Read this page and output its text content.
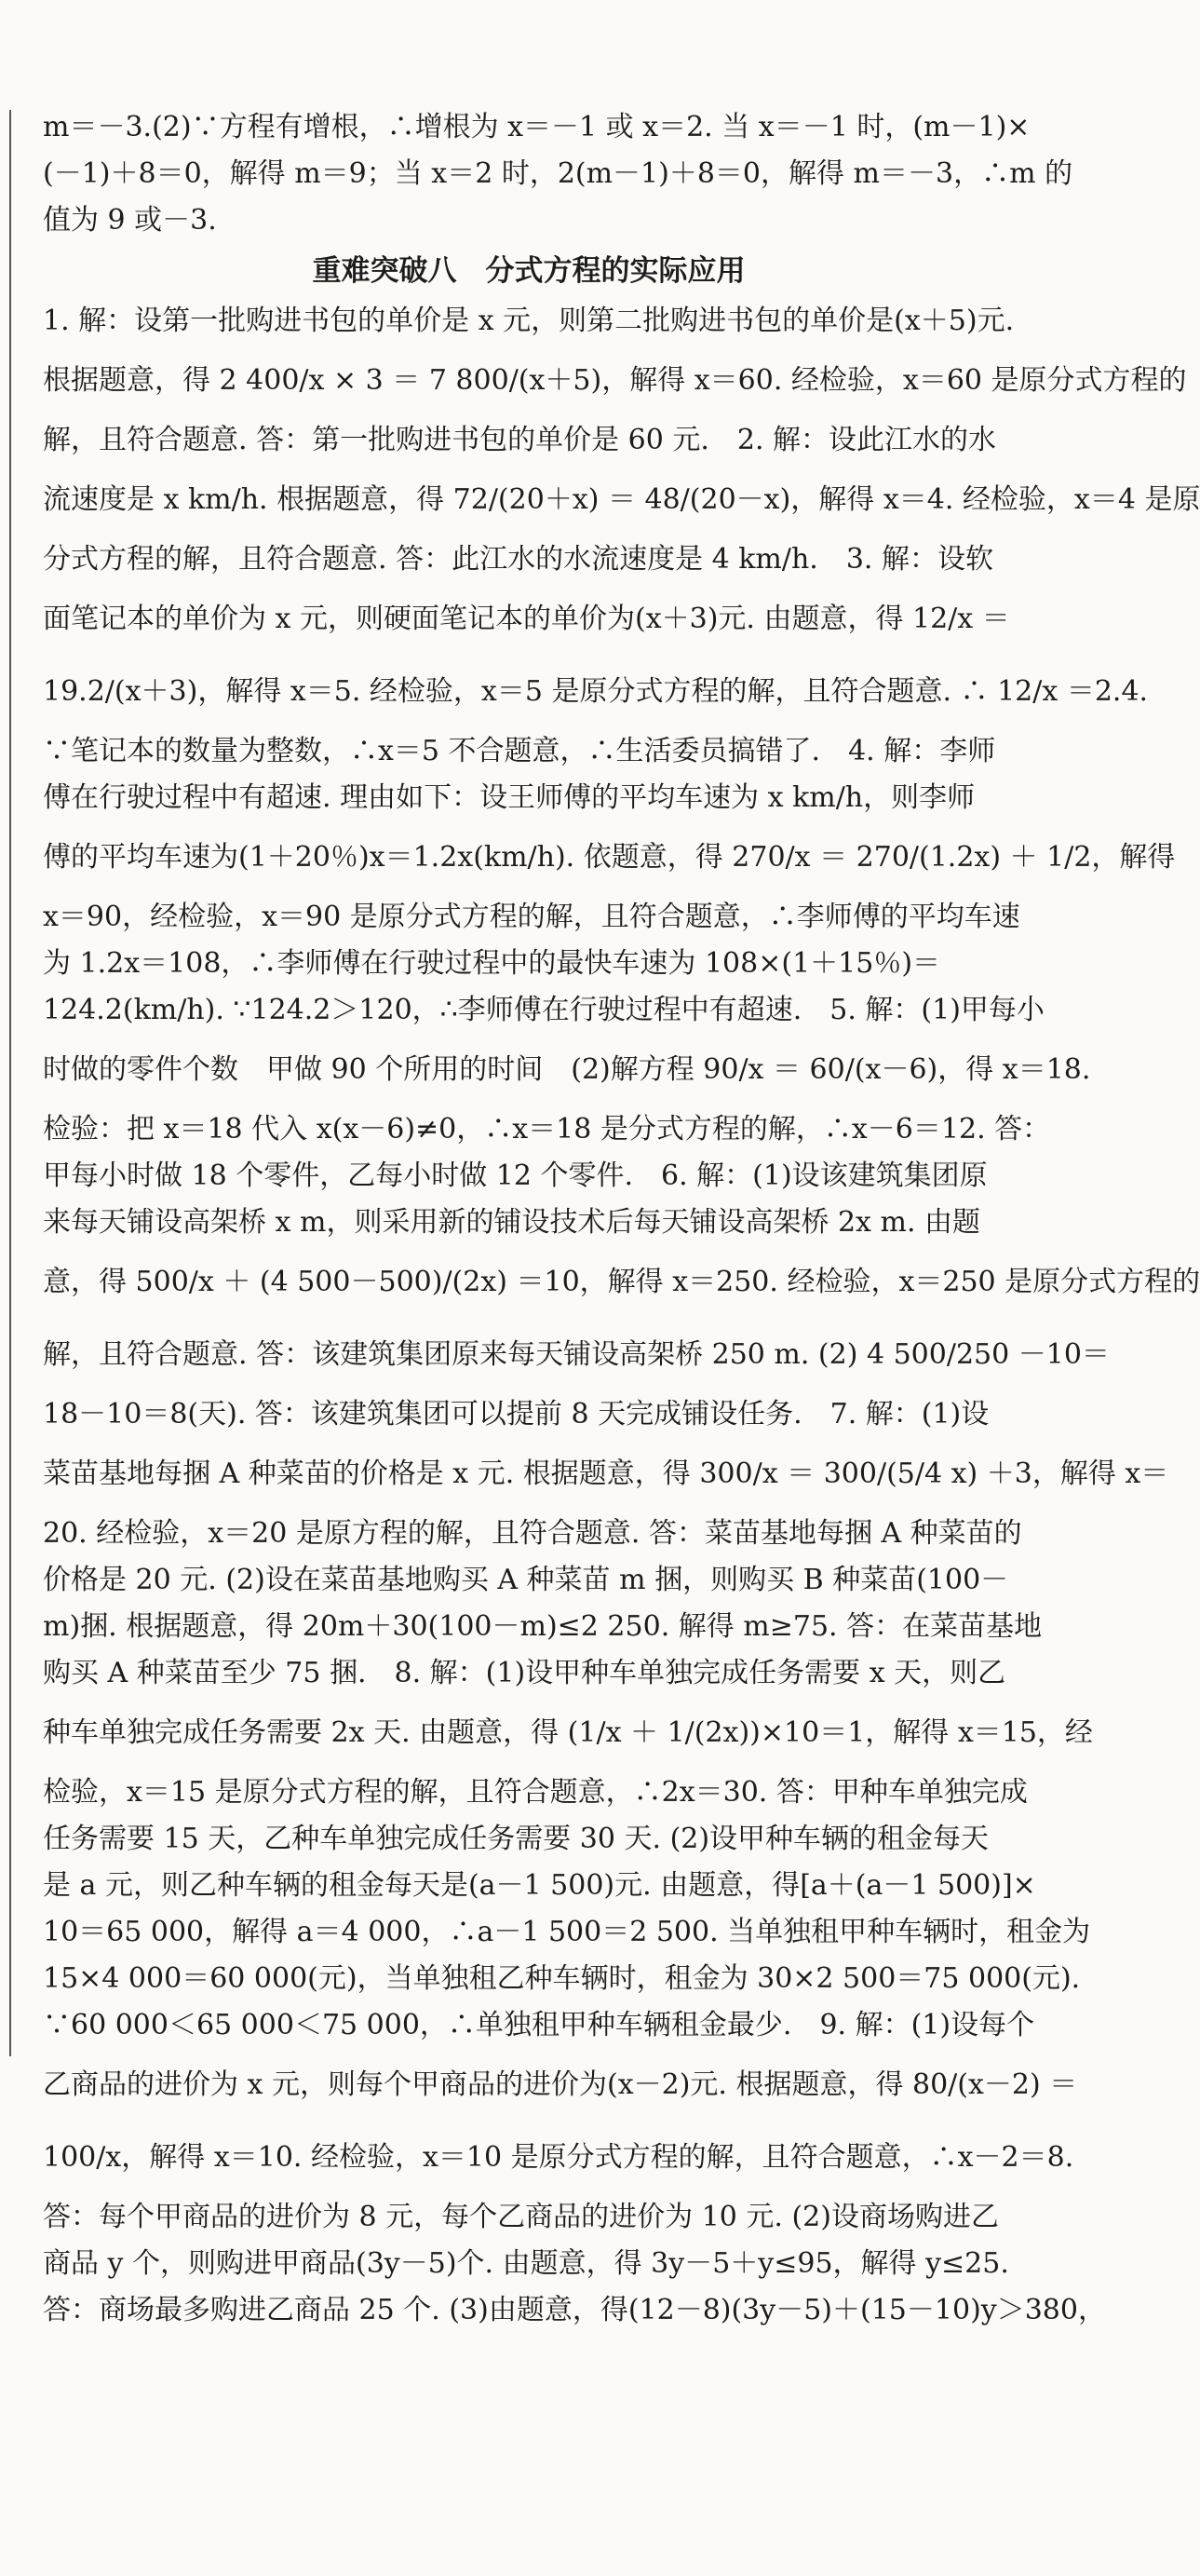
m＝－3.(2)∵方程有增根，∴增根为 x＝－1 或 x＝2. 当 x＝－1 时，(m－1)×
(－1)＋8＝0，解得 m＝9；当 x＝2 时，2(m－1)＋8＝0，解得 m＝－3，∴m 的
值为 9 或－3.
重难突破八　分式方程的实际应用
1. 解：设第一批购进书包的单价是 x 元，则第二批购进书包的单价是(x＋5)元.
根据题意，得 2 400/x × 3 ＝ 7 800/(x＋5)，解得 x＝60. 经检验，x＝60 是原分式方程的
解，且符合题意. 答：第一批购进书包的单价是 60 元.　2. 解：设此江水的水
流速度是 x km/h. 根据题意，得 72/(20＋x) ＝ 48/(20－x)，解得 x＝4. 经检验，x＝4 是原
分式方程的解，且符合题意. 答：此江水的水流速度是 4 km/h.　3. 解：设软
面笔记本的单价为 x 元，则硬面笔记本的单价为(x＋3)元. 由题意，得 12/x ＝
19.2/(x＋3)，解得 x＝5. 经检验，x＝5 是原分式方程的解，且符合题意. ∴ 12/x ＝2.4.
∵笔记本的数量为整数，∴x＝5 不合题意，∴生活委员搞错了.　4. 解：李师
傅在行驶过程中有超速. 理由如下：设王师傅的平均车速为 x km/h，则李师
傅的平均车速为(1＋20％)x＝1.2x(km/h). 依题意，得 270/x ＝ 270/(1.2x) ＋ 1/2，解得
x＝90，经检验，x＝90 是原分式方程的解，且符合题意，∴李师傅的平均车速
为 1.2x＝108，∴李师傅在行驶过程中的最快车速为 108×(1＋15％)＝
124.2(km/h). ∵124.2＞120，∴李师傅在行驶过程中有超速.　5. 解：(1)甲每小
时做的零件个数　甲做 90 个所用的时间　(2)解方程 90/x ＝ 60/(x－6)，得 x＝18.
检验：把 x＝18 代入 x(x－6)≠0，∴x＝18 是分式方程的解，∴x－6＝12. 答：
甲每小时做 18 个零件，乙每小时做 12 个零件.　6. 解：(1)设该建筑集团原
来每天铺设高架桥 x m，则采用新的铺设技术后每天铺设高架桥 2x m. 由题
意，得 500/x ＋ (4 500－500)/(2x) ＝10，解得 x＝250. 经检验，x＝250 是原分式方程的
解，且符合题意. 答：该建筑集团原来每天铺设高架桥 250 m. (2) 4 500/250 －10＝
18－10＝8(天). 答：该建筑集团可以提前 8 天完成铺设任务.　7. 解：(1)设
菜苗基地每捆 A 种菜苗的价格是 x 元. 根据题意，得 300/x ＝ 300/(5/4 x) ＋3，解得 x＝
20. 经检验，x＝20 是原方程的解，且符合题意. 答：菜苗基地每捆 A 种菜苗的
价格是 20 元. (2)设在菜苗基地购买 A 种菜苗 m 捆，则购买 B 种菜苗(100－
m)捆. 根据题意，得 20m＋30(100－m)≤2 250. 解得 m≥75. 答：在菜苗基地
购买 A 种菜苗至少 75 捆.　8. 解：(1)设甲种车单独完成任务需要 x 天，则乙
种车单独完成任务需要 2x 天. 由题意，得 (1/x ＋ 1/(2x))×10＝1，解得 x＝15，经
检验，x＝15 是原分式方程的解，且符合题意，∴2x＝30. 答：甲种车单独完成
任务需要 15 天，乙种车单独完成任务需要 30 天. (2)设甲种车辆的租金每天
是 a 元，则乙种车辆的租金每天是(a－1 500)元. 由题意，得[a＋(a－1 500)]×
10＝65 000，解得 a＝4 000，∴a－1 500＝2 500. 当单独租甲种车辆时，租金为
15×4 000＝60 000(元)，当单独租乙种车辆时，租金为 30×2 500＝75 000(元).
∵60 000＜65 000＜75 000，∴单独租甲种车辆租金最少.　9. 解：(1)设每个
乙商品的进价为 x 元，则每个甲商品的进价为(x－2)元. 根据题意，得 80/(x－2) ＝
100/x，解得 x＝10. 经检验，x＝10 是原分式方程的解，且符合题意，∴x－2＝8.
答：每个甲商品的进价为 8 元，每个乙商品的进价为 10 元. (2)设商场购进乙
商品 y 个，则购进甲商品(3y－5)个. 由题意，得 3y－5＋y≤95，解得 y≤25.
答：商场最多购进乙商品 25 个. (3)由题意，得(12－8)(3y－5)＋(15－10)y＞380，
